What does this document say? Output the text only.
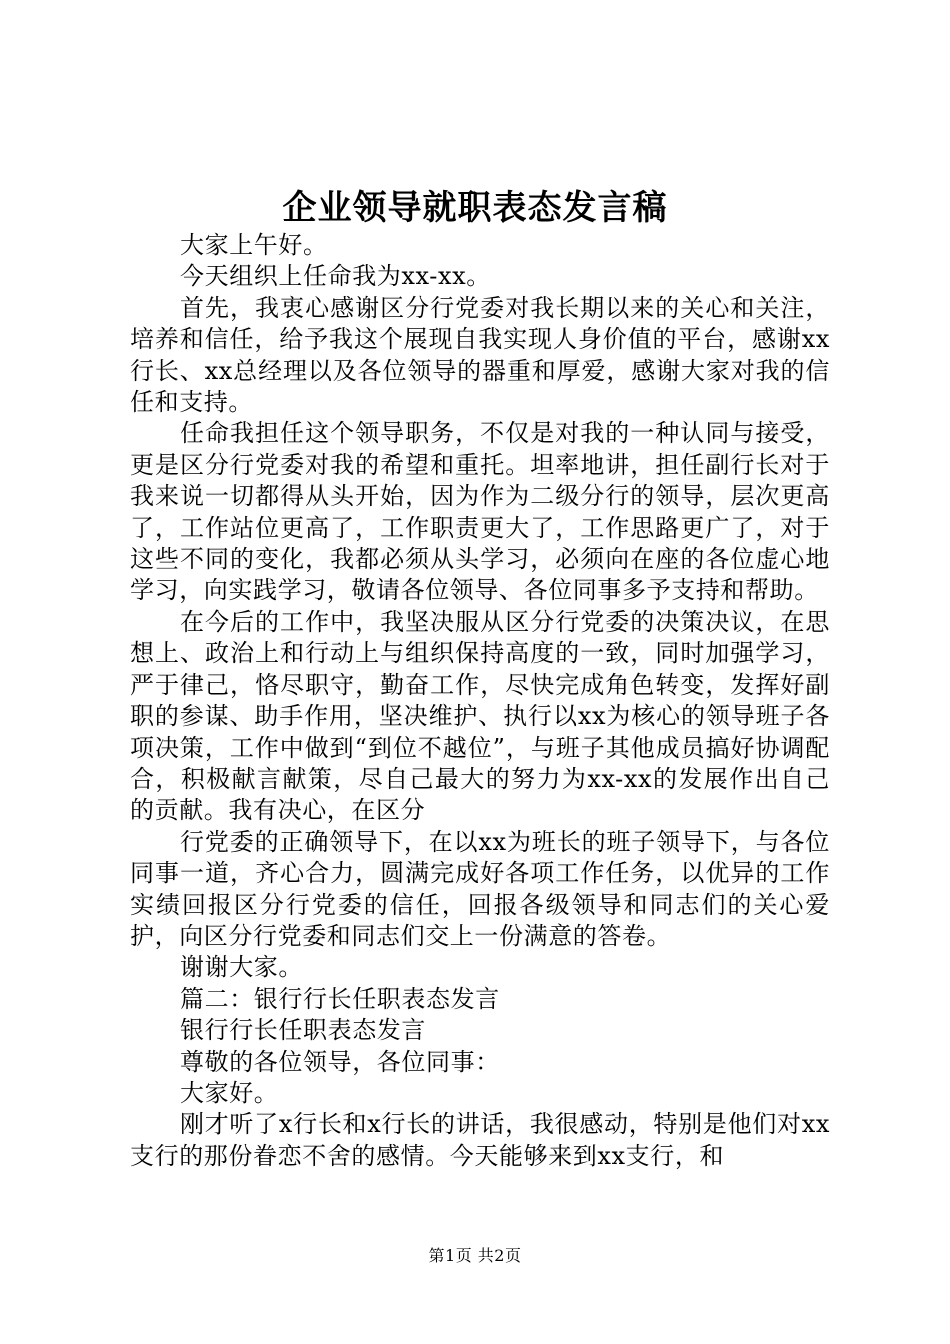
企业领导就职表态发言稿

大家上午好。

今天组织上任命我为xx-xx。

首先，我衷心感谢区分行党委对我长期以来的关心和关注，培养和信任，给予我这个展现自我实现人身价值的平台，感谢xx行长、xx总经理以及各位领导的器重和厚爱，感谢大家对我的信任和支持。

任命我担任这个领导职务，不仅是对我的一种认同与接受，更是区分行党委对我的希望和重托。坦率地讲，担任副行长对于我来说一切都得从头开始，因为作为二级分行的领导，层次更高了，工作站位更高了，工作职责更大了，工作思路更广了，对于这些不同的变化，我都必须从头学习，必须向在座的各位虚心地学习，向实践学习，敬请各位领导、各位同事多予支持和帮助。

在今后的工作中，我坚决服从区分行党委的决策决议，在思想上、政治上和行动上与组织保持高度的一致，同时加强学习，严于律己，恪尽职守，勤奋工作，尽快完成角色转变，发挥好副职的参谋、助手作用，坚决维护、执行以xx为核心的领导班子各项决策，工作中做到“到位不越位”，与班子其他成员搞好协调配合，积极献言献策，尽自己最大的努力为xx-xx的发展作出自己的贡献。我有决心，在区分

行党委的正确领导下，在以xx为班长的班子领导下，与各位同事一道，齐心合力，圆满完成好各项工作任务，以优异的工作实绩回报区分行党委的信任，回报各级领导和同志们的关心爱护，向区分行党委和同志们交上一份满意的答卷。

谢谢大家。

篇二：银行行长任职表态发言

银行行长任职表态发言

尊敬的各位领导，各位同事：

大家好。

刚才听了x行长和x行长的讲话，我很感动，特别是他们对xx支行的那份眷恋不舍的感情。今天能够来到xx支行，和

第1页 共2页
